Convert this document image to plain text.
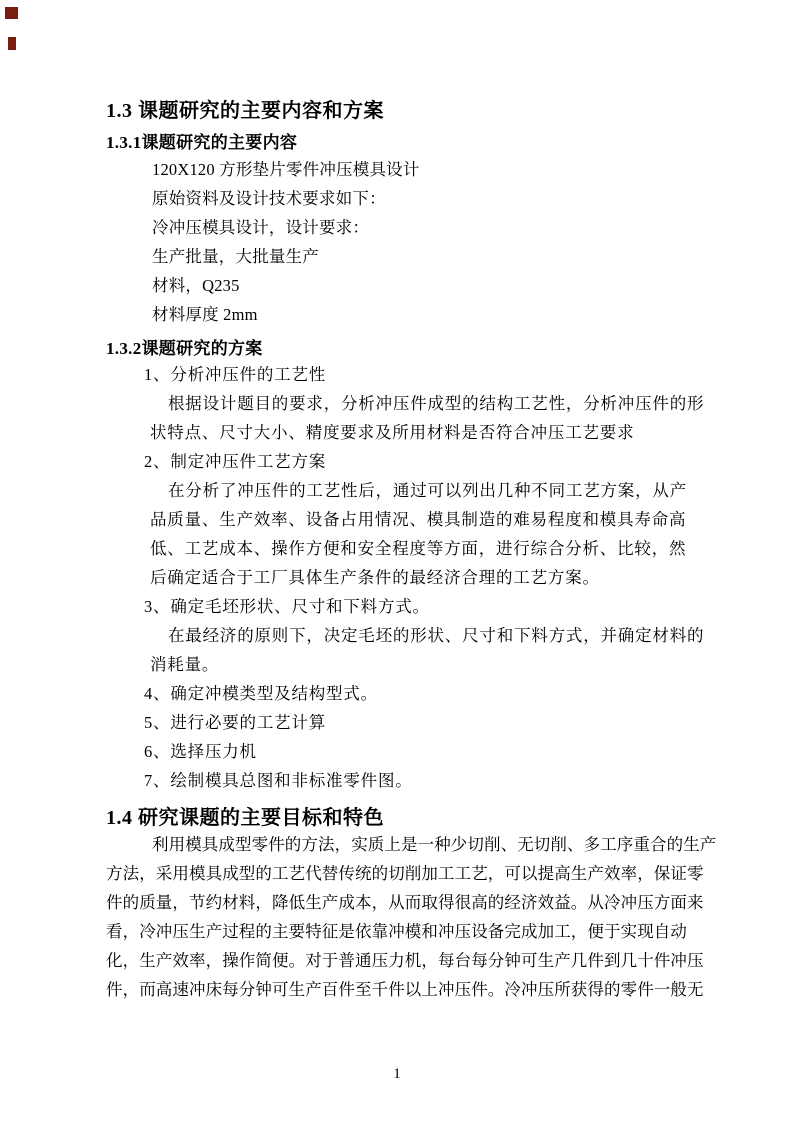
1.3 课题研究的主要内容和方案
1.3.1课题研究的主要内容
120X120 方形垫片零件冲压模具设计
原始资料及设计技术要求如下：
冷冲压模具设计，设计要求：
生产批量，大批量生产
材料，Q235
材料厚度 2mm
1.3.2课题研究的方案
1、分析冲压件的工艺性
根据设计题目的要求，分析冲压件成型的结构工艺性，分析冲压件的形
状特点、尺寸大小、精度要求及所用材料是否符合冲压工艺要求
2、制定冲压件工艺方案
在分析了冲压件的工艺性后，通过可以列出几种不同工艺方案，从产
品质量、生产效率、设备占用情况、模具制造的难易程度和模具寿命高
低、工艺成本、操作方便和安全程度等方面，进行综合分析、比较，然
后确定适合于工厂具体生产条件的最经济合理的工艺方案。
3、确定毛坯形状、尺寸和下料方式。
在最经济的原则下，决定毛坯的形状、尺寸和下料方式，并确定材料的
消耗量。
4、确定冲模类型及结构型式。
5、进行必要的工艺计算
6、选择压力机
7、绘制模具总图和非标准零件图。
1.4 研究课题的主要目标和特色
利用模具成型零件的方法，实质上是一种少切削、无切削、多工序重合的生产
方法，采用模具成型的工艺代替传统的切削加工工艺，可以提高生产效率，保证零
件的质量，节约材料，降低生产成本，从而取得很高的经济效益。从冷冲压方面来
看，冷冲压生产过程的主要特征是依靠冲模和冲压设备完成加工，便于实现自动
化，生产效率，操作简便。对于普通压力机，每台每分钟可生产几件到几十件冲压
件，而高速冲床每分钟可生产百件至千件以上冲压件。冷冲压所获得的零件一般无
1
